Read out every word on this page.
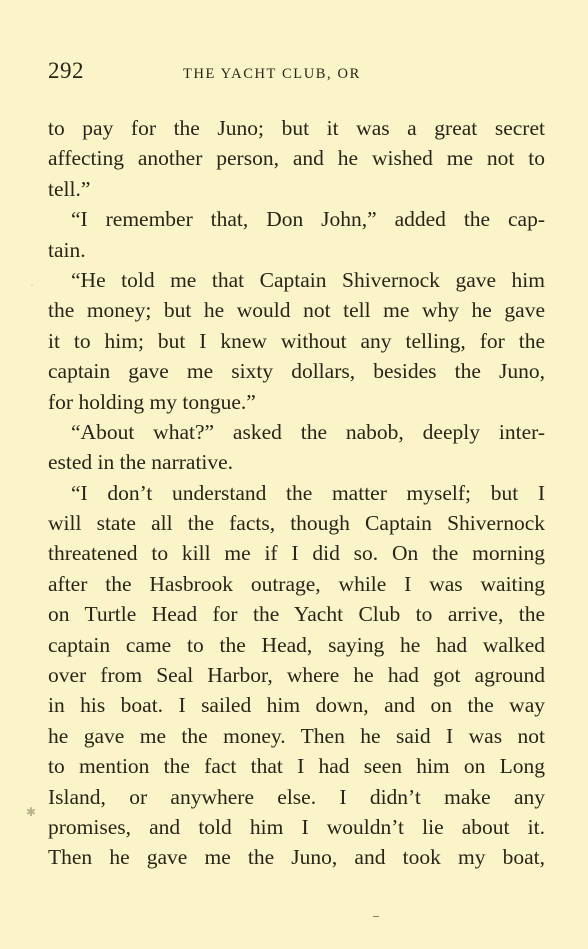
292	THE YACHT CLUB, OR
to pay for the Juno; but it was a great secret
affecting another person, and he wished me not to
tell.”
“I remember that, Don John,” added the cap-
tain.
“He told me that Captain Shivernock gave him
the money; but he would not tell me why he gave
it to him; but I knew without any telling, for the
captain gave me sixty dollars, besides the Juno,
for holding my tongue.”
“About what?” asked the nabob, deeply inter-
ested in the narrative.
“I don’t understand the matter myself; but I
will state all the facts, though Captain Shivernock
threatened to kill me if I did so. On the morning
after the Hasbrook outrage, while I was waiting
on Turtle Head for the Yacht Club to arrive, the
captain came to the Head, saying he had walked
over from Seal Harbor, where he had got aground
in his boat. I sailed him down, and on the way
he gave me the money. Then he said I was not
to mention the fact that I had seen him on Long
Island, or anywhere else. I didn’t make any
promises, and told him I wouldn’t lie about it.
Then he gave me the Juno, and took my boat,
·
✱
